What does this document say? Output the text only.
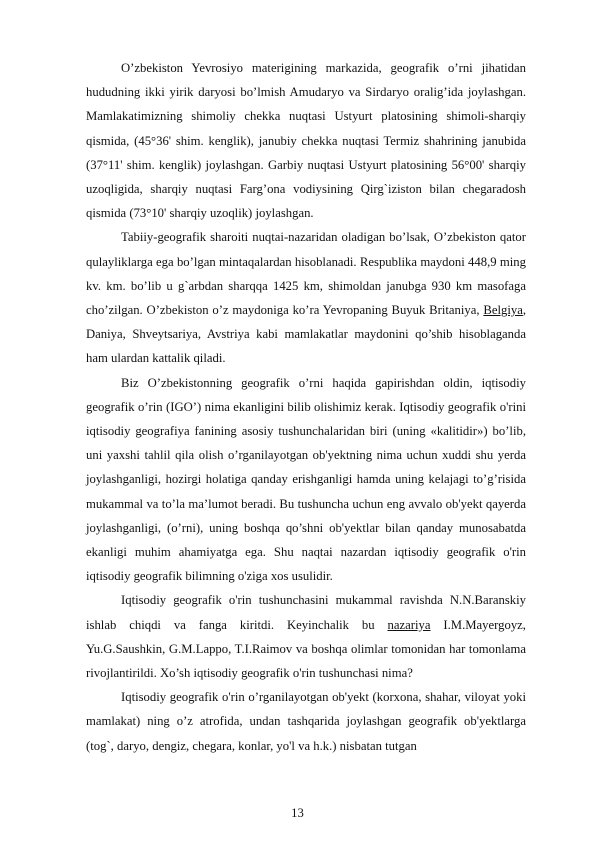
O’zbekiston Yevrosiyo materigining markazida, geografik o’rni jihatidan hududning ikki yirik daryosi bo’lmish Amudaryo va Sirdaryo oralig’ida joylashgan. Mamlakatimizning shimoliy chekka nuqtasi Ustyurt platosining shimoli-sharqiy qismida, (45°36' shim. kenglik), janubiy chekka nuqtasi Termiz shahrining janubida (37°11' shim. kenglik) joylashgan. Garbiy nuqtasi Ustyurt platosining 56°00' sharqiy uzoqligida, sharqiy nuqtasi Farg’ona vodiysining Qirg`iziston bilan chegaradosh qismida (73°10' sharqiy uzoqlik) joylashgan.

Tabiiy-geografik sharoiti nuqtai-nazaridan oladigan bo’lsak, O’zbekiston qator qulayliklarga ega bo’lgan mintaqalardan hisoblanadi. Respublika maydoni 448,9 ming kv. km. bo’lib u g`arbdan sharqqa 1425 km, shimoldan janubga 930 km masofaga cho’zilgan. O’zbekiston o’z maydoniga ko’ra Yevropaning Buyuk Britaniya, Belgiya, Daniya, Shveytsariya, Avstriya kabi mamlakatlar maydonini qo’shib hisoblaganda ham ulardan kattalik qiladi.

Biz O’zbekistonning geografik o’rni haqida gapirishdan oldin, iqtisodiy geografik o’rin (IGO’) nima ekanligini bilib olishimiz kerak. Iqtisodiy geografik o'rini iqtisodiy geografiya fanining asosiy tushunchalaridan biri (uning «kalitidir») bo’lib, uni yaxshi tahlil qila olish o’rganilayotgan ob'yektning nima uchun xuddi shu yerda joylashganligi, hozirgi holatiga qanday erishganligi hamda uning kelajagi to’g’risida mukammal va to’la ma’lumot beradi. Bu tushuncha uchun eng avvalo ob'yekt qayerda joylashganligi, (o’rni), uning boshqa qo’shni ob'yektlar bilan qanday munosabatda ekanligi muhim ahamiyatga ega. Shu naqtai nazardan iqtisodiy geografik o'rin iqtisodiy geografik bilimning o'ziga xos usulidir.

Iqtisodiy geografik o'rin tushunchasini mukammal ravishda N.N.Baranskiy ishlab chiqdi va fanga kiritdi. Keyinchalik bu nazariya I.M.Mayergoyz, Yu.G.Saushkin, G.M.Lappo, T.I.Raimov va boshqa olimlar tomonidan har tomonlama rivojlantirildi. Xo’sh iqtisodiy geografik o'rin tushunchasi nima?

Iqtisodiy geografik o'rin o’rganilayotgan ob'yekt (korxona, shahar, viloyat yoki mamlakat) ning o’z atrofida, undan tashqarida joylashgan geografik ob'yektlarga (tog`, daryo, dengiz, chegara, konlar, yo'l va h.k.) nisbatan tutgan

13
